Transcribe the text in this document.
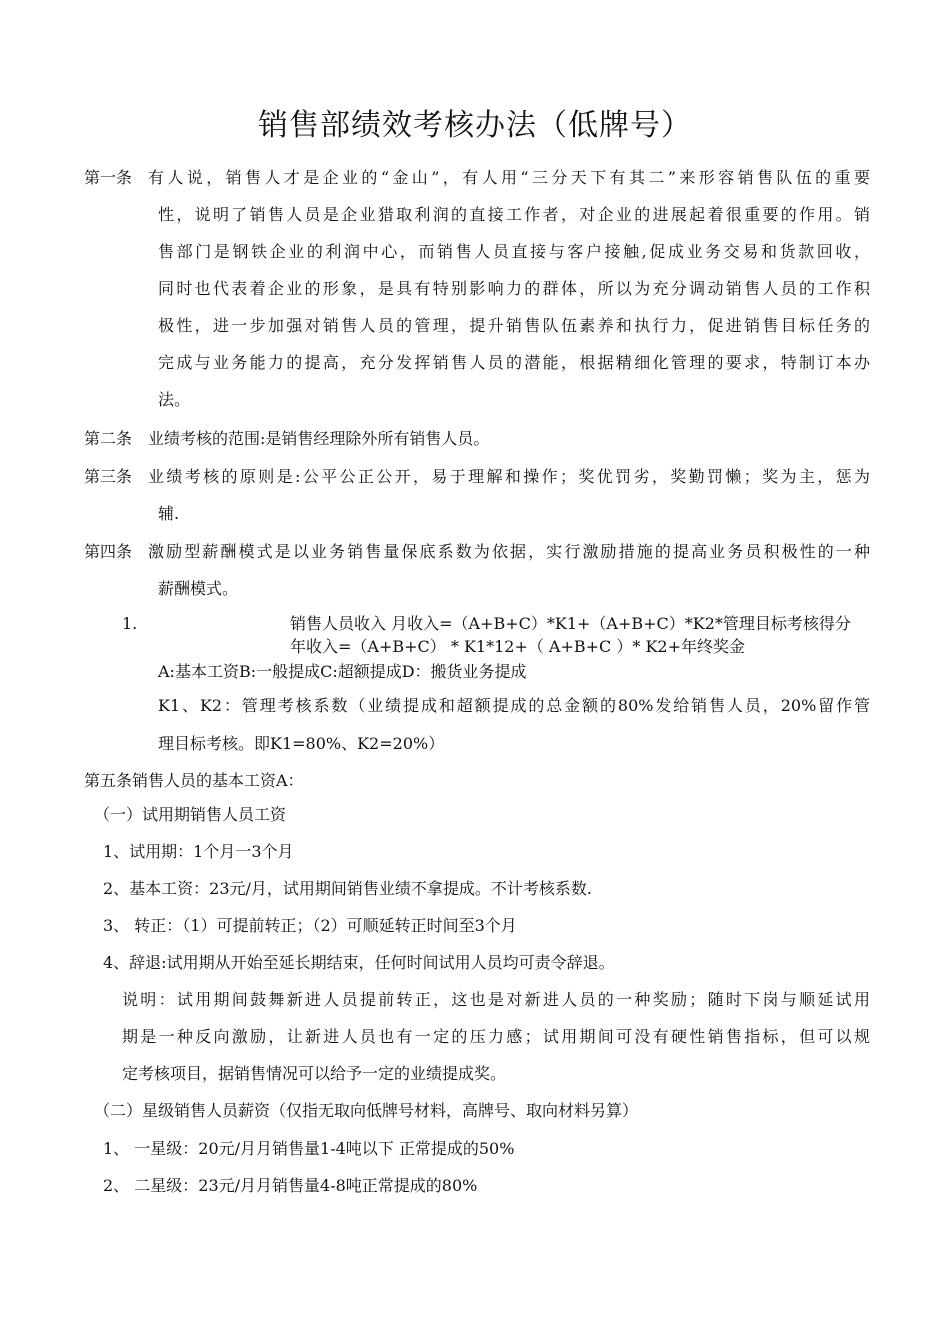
销售部绩效考核办法（低牌号）
第一条 有人说，销售人才是企业的“金山”，有人用“三分天下有其二”来形容销售队伍的重要
性，说明了销售人员是企业猎取利润的直接工作者，对企业的进展起着很重要的作用。销
售部门是钢铁企业的利润中心，而销售人员直接与客户接触,促成业务交易和货款回收，
同时也代表着企业的形象，是具有特别影响力的群体，所以为充分调动销售人员的工作积
极性，进一步加强对销售人员的管理，提升销售队伍素养和执行力，促进销售目标任务的
完成与业务能力的提高，充分发挥销售人员的潜能，根据精细化管理的要求，特制订本办
法。
第二条 业绩考核的范围:是销售经理除外所有销售人员。
第三条 业绩考核的原则是:公平公正公开，易于理解和操作；奖优罚劣，奖勤罚懒；奖为主，惩为
辅.
第四条 激励型薪酬模式是以业务销售量保底系数为依据，实行激励措施的提高业务员积极性的一种
薪酬模式。
1.	销售人员收入 月收入=（A+B+C）*K1+（A+B+C）*K2*管理目标考核得分
年收入=（A+B+C） * K1*12+（ A+B+C ）* K2+年终奖金
A:基本工资B:一般提成C:超额提成D：搬货业务提成
K1、K2：管理考核系数（业绩提成和超额提成的总金额的80%发给销售人员，20%留作管
理目标考核。即K1=80%、K2=20%）
第五条销售人员的基本工资A：
（一）试用期销售人员工资
1、试用期：1个月一3个月
2、基本工资：23元/月，试用期间销售业绩不拿提成。不计考核系数.
3、 转正：（1）可提前转正；（2）可顺延转正时间至3个月
4、辞退:试用期从开始至延长期结束，任何时间试用人员均可责令辞退。
说明：试用期间鼓舞新进人员提前转正，这也是对新进人员的一种奖励；随时下岗与顺延试用
期是一种反向激励，让新进人员也有一定的压力感；试用期间可没有硬性销售指标，但可以规
定考核项目，据销售情况可以给予一定的业绩提成奖。
（二）星级销售人员薪资（仅指无取向低牌号材料，高牌号、取向材料另算）
1、 一星级：20元/月月销售量1-4吨以下 正常提成的50%
2、 二星级：23元/月月销售量4-8吨正常提成的80%
